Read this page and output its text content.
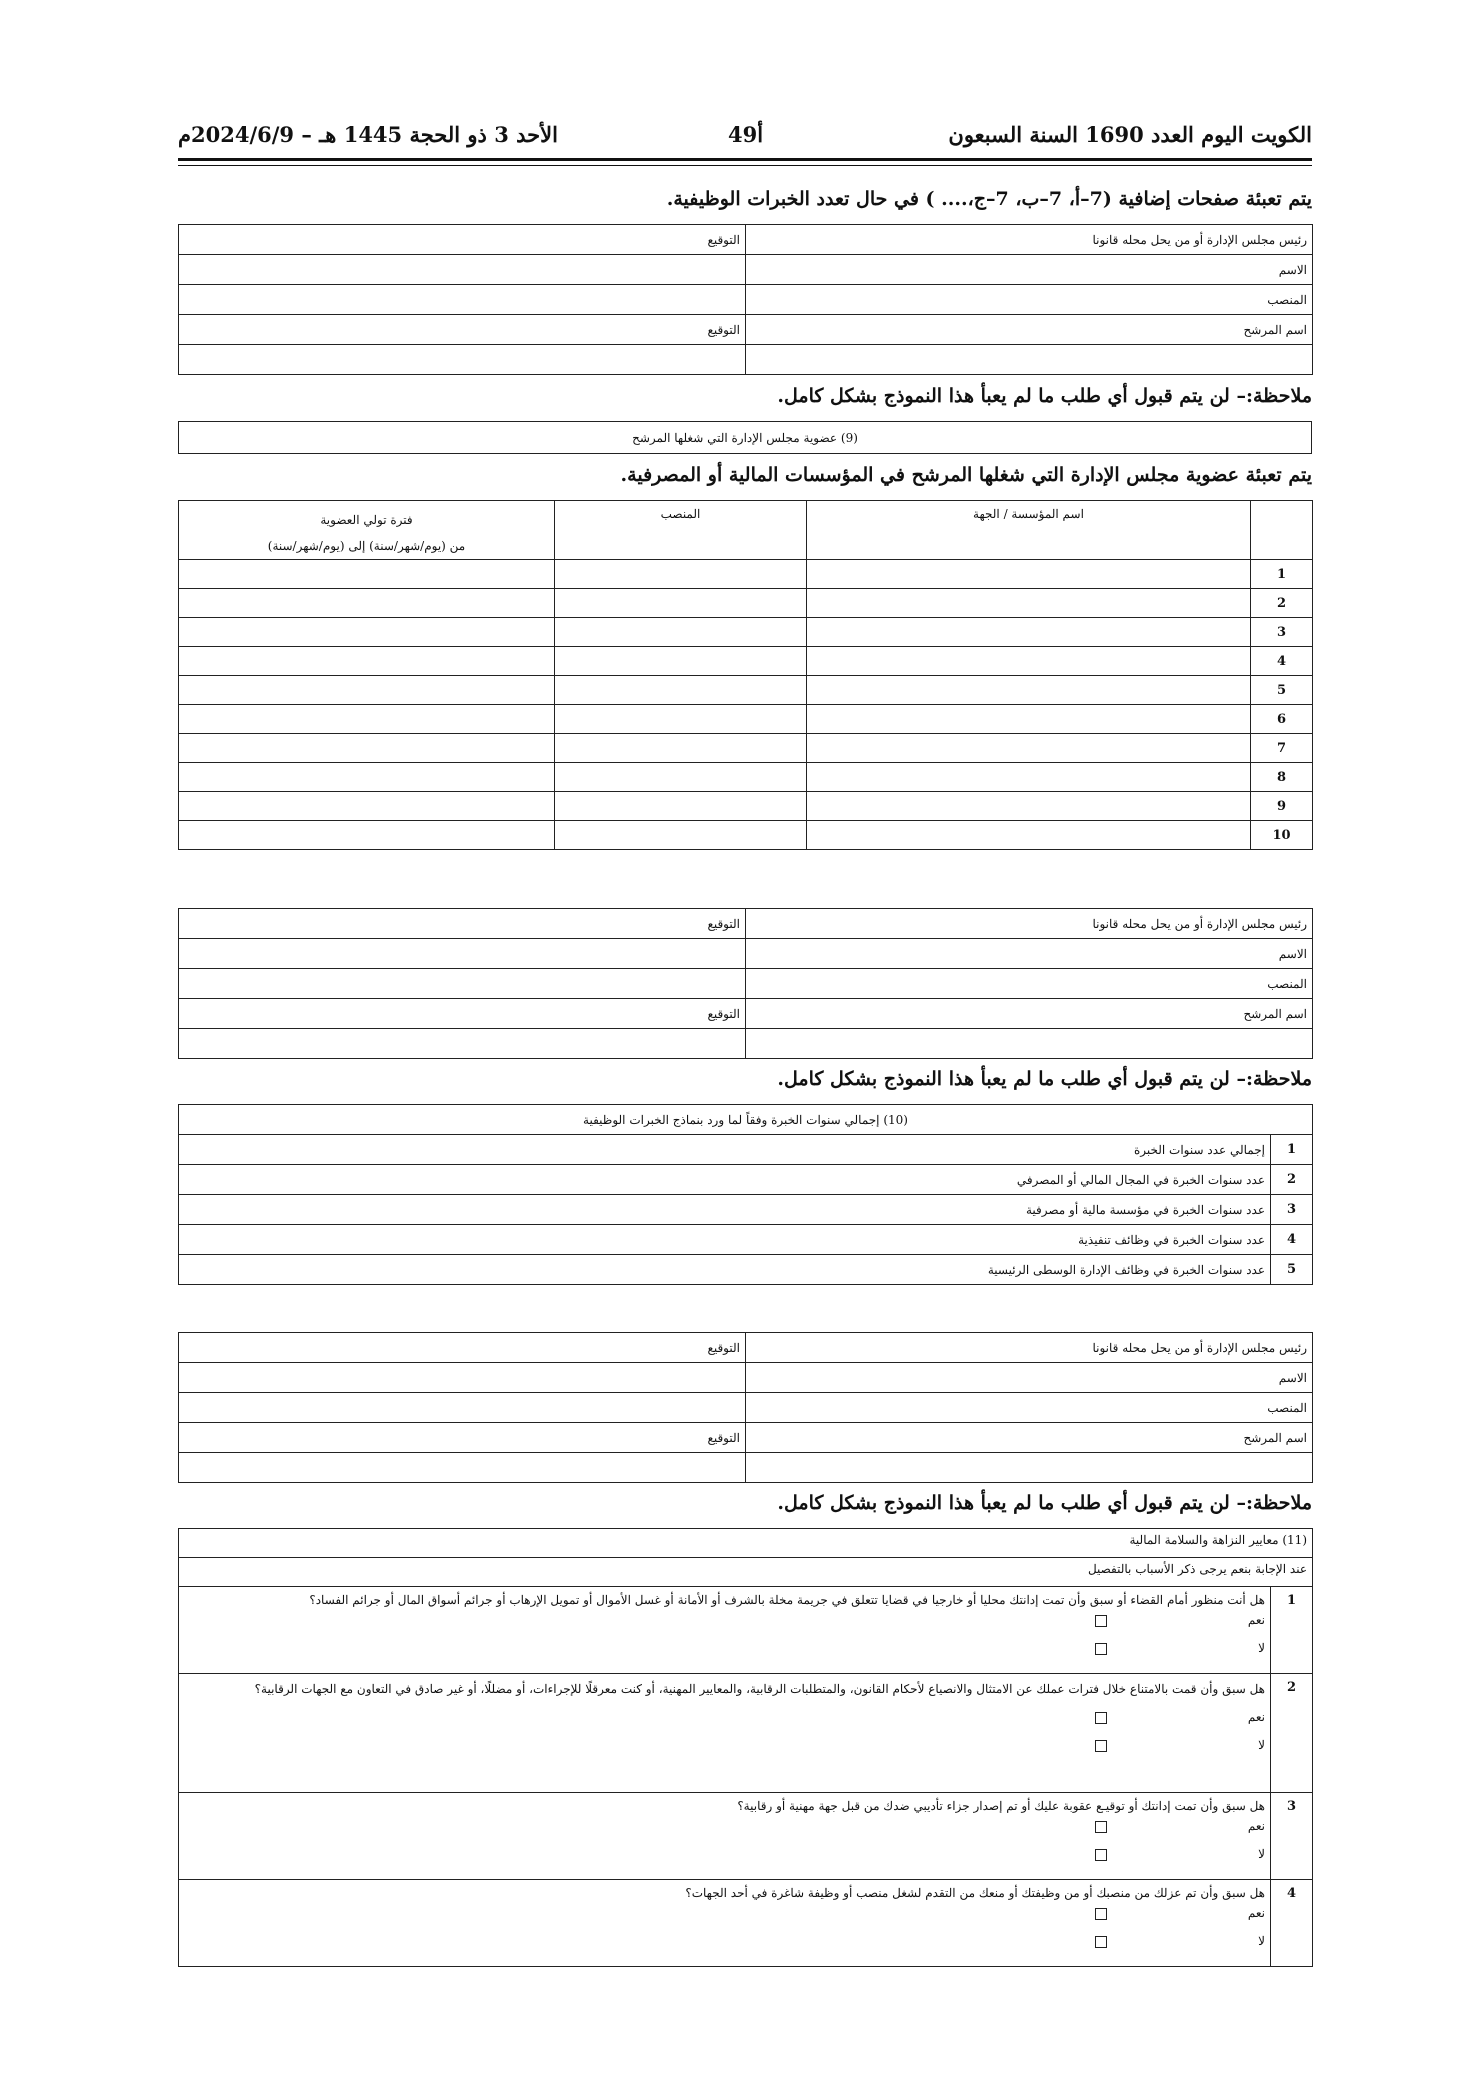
الكويت اليوم العدد 1690 السنة السبعون
49أ
الأحد 3 ذو الحجة 1445 هـ – 2024/6/9م
يتم تعبئة صفحات إضافية (7–أ، 7–ب، 7–ج،.... ) في حال تعدد الخبرات الوظيفية.
رئيس مجلس الإدارة أو من يحل محله قانونا	التوقيع
الاسم	
المنصب	
اسم المرشح	التوقيع

ملاحظة:– لن يتم قبول أي طلب ما لم يعبأ هذا النموذج بشكل كامل.
(9) عضوية مجلس الإدارة التي شغلها المرشح
يتم تعبئة عضوية مجلس الإدارة التي شغلها المرشح في المؤسسات المالية أو المصرفية.
	اسم المؤسسة / الجهة	المنصب	فترة تولي العضوية
من (يوم/شهر/سنة) إلى (يوم/شهر/سنة)

1			
2			
3			
4			
5			
6			
7			
8			
9			
10			
رئيس مجلس الإدارة أو من يحل محله قانونا	التوقيع
الاسم	
المنصب	
اسم المرشح	التوقيع

ملاحظة:– لن يتم قبول أي طلب ما لم يعبأ هذا النموذج بشكل كامل.
(10) إجمالي سنوات الخبرة وفقاً لما ورد بنماذج الخبرات الوظيفية	
1	إجمالي عدد سنوات الخبرة
2	عدد سنوات الخبرة في المجال المالي أو المصرفي
3	عدد سنوات الخبرة في مؤسسة مالية أو مصرفية
4	عدد سنوات الخبرة في وظائف تنفيذية
5	عدد سنوات الخبرة في وظائف الإدارة الوسطى الرئيسية
رئيس مجلس الإدارة أو من يحل محله قانونا	التوقيع
الاسم	
المنصب	
اسم المرشح	التوقيع

ملاحظة:– لن يتم قبول أي طلب ما لم يعبأ هذا النموذج بشكل كامل.
(11) معايير النزاهة والسلامة المالية	
عند الإجابة بنعم يرجى ذكر الأسباب بالتفصيل	
1	هل أنت منظور أمام القضاء أو سبق وأن تمت إدانتك محليا أو خارجيا في قضايا تتعلق في جريمة مخلة بالشرف أو الأمانة أو غسل الأموال أو تمويل الإرهاب أو جرائم أسواق المال أو جرائم الفساد؟
نعم
لا

2	هل سبق وأن قمت بالامتناع خلال فترات عملك عن الامتثال والانصياع لأحكام القانون، والمتطلبات الرقابية، والمعايير المهنية، أو كنت معرقلًا للإجراءات، أو مضللًا، أو غير صادق في التعاون مع الجهات الرقابية؟
نعم
لا

3	هل سبق وأن تمت إدانتك أو توقيـع عقوبة عليك أو تم إصدار جزاء تأديبي ضدك من قبل جهة مهنية أو رقابية؟
نعم
لا

4	هل سبق وأن تم عزلك من منصبك أو من وظيفتك أو منعك من التقدم لشغل منصب أو وظيفة شاغرة في أحد الجهات؟
نعم
لا
